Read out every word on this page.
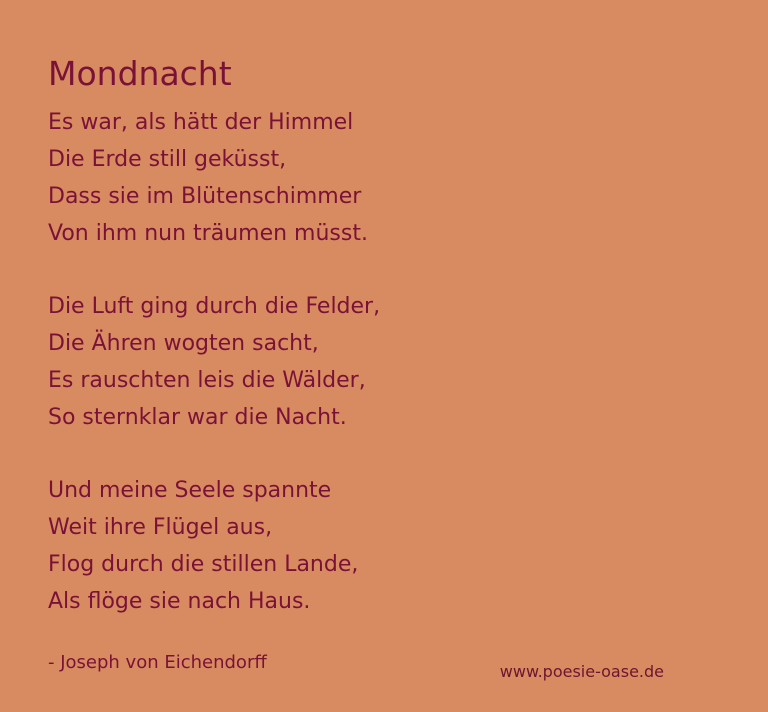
Mondnacht
Es war, als hätt der Himmel
Die Erde still geküsst,
Dass sie im Blütenschimmer
Von ihm nun träumen müsst.
Die Luft ging durch die Felder,
Die Ähren wogten sacht,
Es rauschten leis die Wälder,
So sternklar war die Nacht.
Und meine Seele spannte
Weit ihre Flügel aus,
Flog durch die stillen Lande,
Als flöge sie nach Haus.
- Joseph von Eichendorff	www.poesie-oase.de
